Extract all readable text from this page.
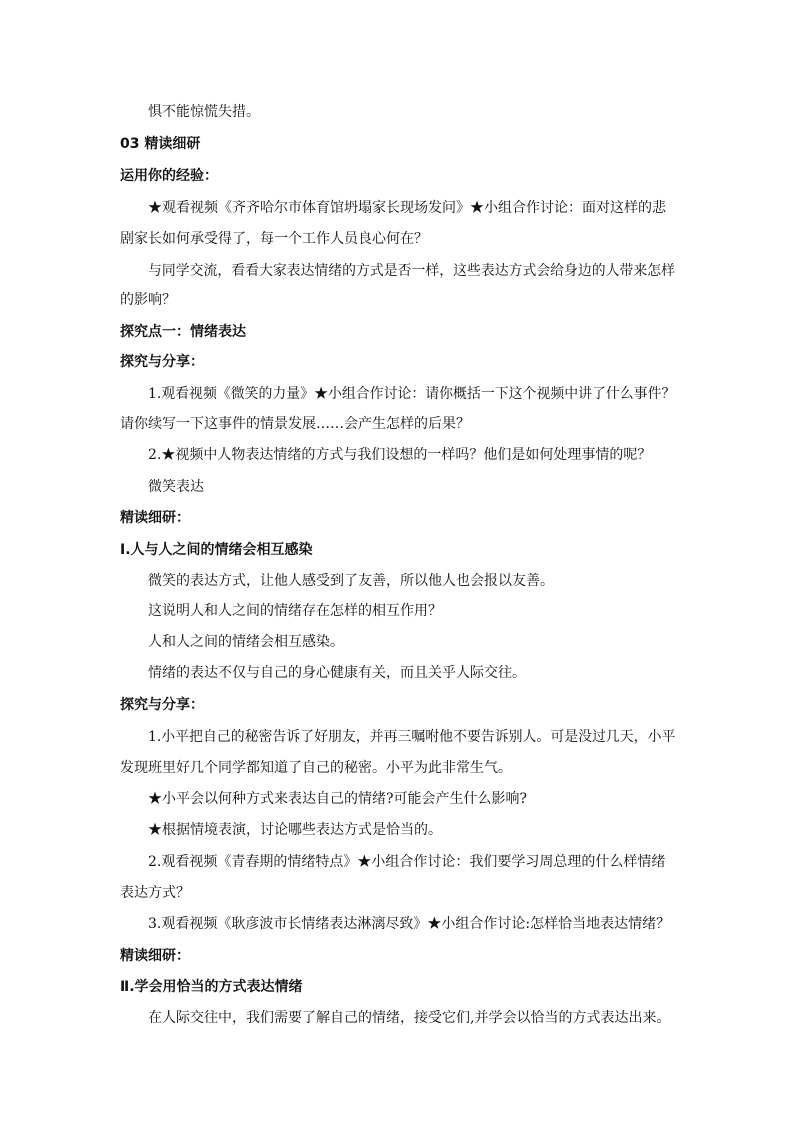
惧不能惊慌失措。
03 精读细研
运用你的经验：
★观看视频《齐齐哈尔市体育馆坍塌家长现场发问》★小组合作讨论：面对这样的悲
剧家长如何承受得了，每一个工作人员良心何在？
与同学交流，看看大家表达情绪的方式是否一样，这些表达方式会给身边的人带来怎样
的影响？
探究点一：情绪表达
探究与分享：
1.观看视频《微笑的力量》★小组合作讨论：请你概括一下这个视频中讲了什么事件？
请你续写一下这事件的情景发展……会产生怎样的后果？
2.★视频中人物表达情绪的方式与我们设想的一样吗？他们是如何处理事情的呢？
微笑表达
精读细研：
Ⅰ.人与人之间的情绪会相互感染
微笑的表达方式，让他人感受到了友善，所以他人也会报以友善。
这说明人和人之间的情绪存在怎样的相互作用？
人和人之间的情绪会相互感染。
情绪的表达不仅与自己的身心健康有关，而且关乎人际交往。
探究与分享：
1.小平把自己的秘密告诉了好朋友，并再三嘱咐他不要告诉别人。可是没过几天，小平
发现班里好几个同学都知道了自己的秘密。小平为此非常生气。
★小平会以何种方式来表达自己的情绪?可能会产生什么影响?
★根据情境表演，讨论哪些表达方式是恰当的。
2.观看视频《青春期的情绪特点》★小组合作讨论：我们要学习周总理的什么样情绪
表达方式？
3.观看视频《耿彦波市长情绪表达淋漓尽致》★小组合作讨论:怎样恰当地表达情绪？
精读细研：
Ⅱ.学会用恰当的方式表达情绪
在人际交往中，我们需要了解自己的情绪，接受它们,并学会以恰当的方式表达出来。
